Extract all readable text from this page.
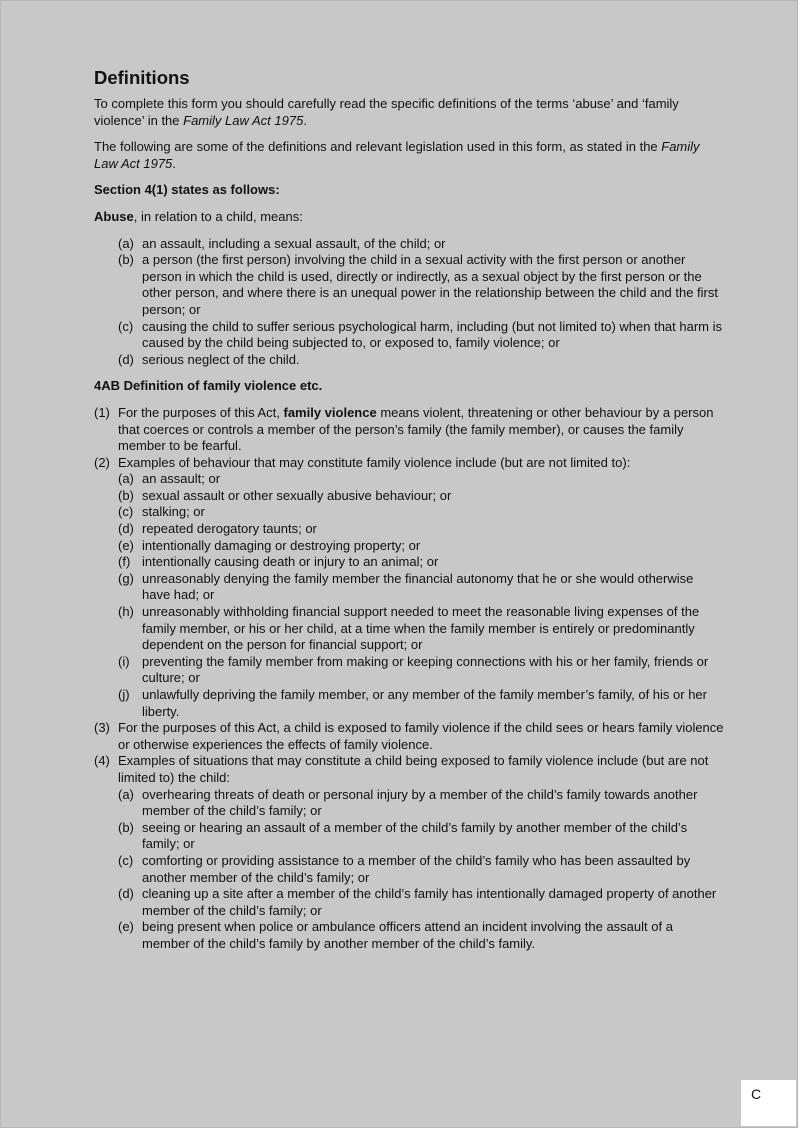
Definitions

To complete this form you should carefully read the specific definitions of the terms ‘abuse’ and ‘family violence’ in the Family Law Act 1975.

The following are some of the definitions and relevant legislation used in this form, as stated in the Family Law Act 1975.

Section 4(1) states as follows:

Abuse, in relation to a child, means:

(a) an assault, including a sexual assault, of the child; or
(b) a person (the first person) involving the child in a sexual activity with the first person or another person in which the child is used, directly or indirectly, as a sexual object by the first person or the other person, and where there is an unequal power in the relationship between the child and the first person; or
(c) causing the child to suffer serious psychological harm, including (but not limited to) when that harm is caused by the child being subjected to, or exposed to, family violence; or
(d) serious neglect of the child.
4AB Definition of family violence etc.
(1) For the purposes of this Act, family violence means violent, threatening or other behaviour by a person that coerces or controls a member of the person’s family (the family member), or causes the family member to be fearful.
(2) Examples of behaviour that may constitute family violence include (but are not limited to):
(a) an assault; or
(b) sexual assault or other sexually abusive behaviour; or
(c) stalking; or
(d) repeated derogatory taunts; or
(e) intentionally damaging or destroying property; or
(f) intentionally causing death or injury to an animal; or
(g) unreasonably denying the family member the financial autonomy that he or she would otherwise have had; or
(h) unreasonably withholding financial support needed to meet the reasonable living expenses of the family member, or his or her child, at a time when the family member is entirely or predominantly dependent on the person for financial support; or
(i) preventing the family member from making or keeping connections with his or her family, friends or culture; or
(j) unlawfully depriving the family member, or any member of the family member’s family, of his or her liberty.
(3) For the purposes of this Act, a child is exposed to family violence if the child sees or hears family violence or otherwise experiences the effects of family violence.
(4) Examples of situations that may constitute a child being exposed to family violence include (but are not limited to) the child:
(a) overhearing threats of death or personal injury by a member of the child’s family towards another member of the child’s family; or
(b) seeing or hearing an assault of a member of the child’s family by another member of the child’s family; or
(c) comforting or providing assistance to a member of the child’s family who has been assaulted by another member of the child’s family; or
(d) cleaning up a site after a member of the child’s family has intentionally damaged property of another member of the child’s family; or
(e) being present when police or ambulance officers attend an incident involving the assault of a member of the child’s family by another member of the child’s family.
C
